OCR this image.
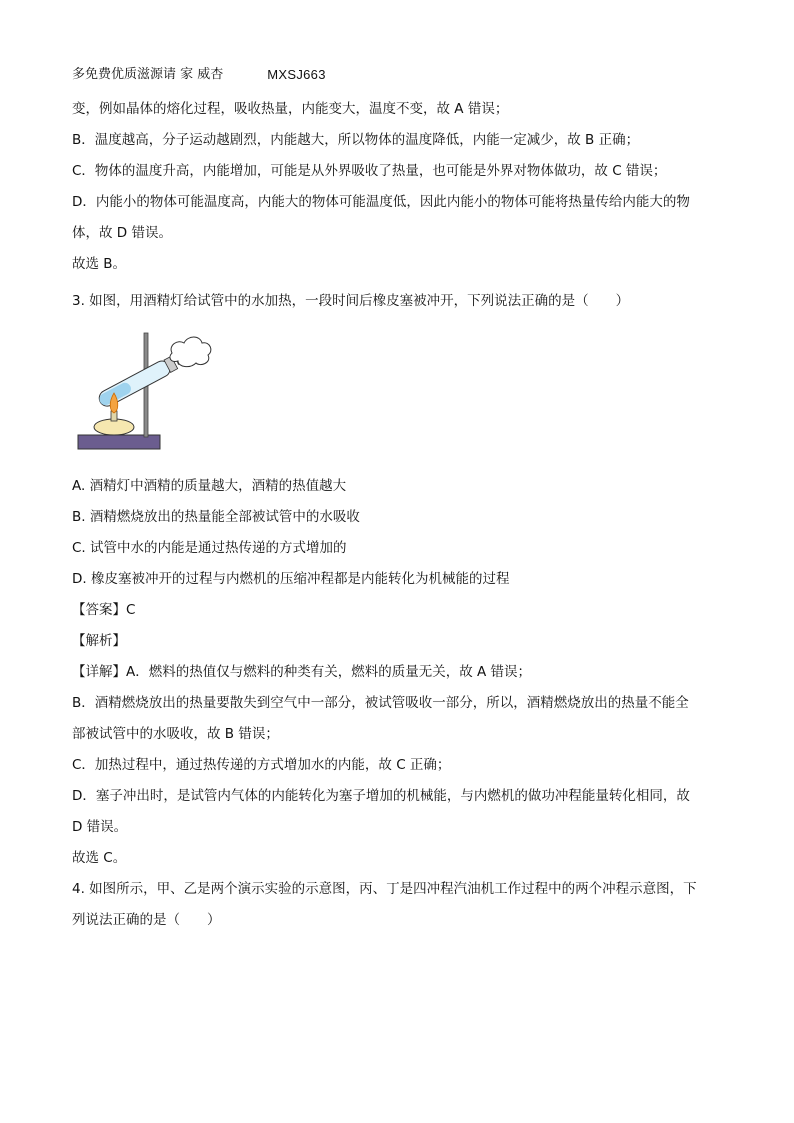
多免费优质滋源请 家 威杏	MXSJ663
变，例如晶体的熔化过程，吸收热量，内能变大，温度不变，故 A 错误；
B．温度越高，分子运动越剧烈，内能越大，所以物体的温度降低，内能一定减少，故 B 正确；
C．物体的温度升高，内能增加，可能是从外界吸收了热量，也可能是外界对物体做功，故 C 错误；
D．内能小的物体可能温度高，内能大的物体可能温度低，因此内能小的物体可能将热量传给内能大的物
体，故 D 错误。
故选 B。
3. 如图，用酒精灯给试管中的水加热，一段时间后橡皮塞被冲开，下列说法正确的是（　　）
A. 酒精灯中酒精的质量越大，酒精的热值越大
B. 酒精燃烧放出的热量能全部被试管中的水吸收
C. 试管中水的内能是通过热传递的方式增加的
D. 橡皮塞被冲开的过程与内燃机的压缩冲程都是内能转化为机械能的过程
【答案】C
【解析】
【详解】A．燃料的热值仅与燃料的种类有关，燃料的质量无关，故 A 错误；
B．酒精燃烧放出的热量要散失到空气中一部分，被试管吸收一部分，所以，酒精燃烧放出的热量不能全
部被试管中的水吸收，故 B 错误；
C．加热过程中，通过热传递的方式增加水的内能，故 C 正确；
D．塞子冲出时，是试管内气体的内能转化为塞子增加的机械能，与内燃机的做功冲程能量转化相同，故
D 错误。
故选 C。
4. 如图所示，甲、乙是两个演示实验的示意图，丙、丁是四冲程汽油机工作过程中的两个冲程示意图，下
列说法正确的是（　　）
